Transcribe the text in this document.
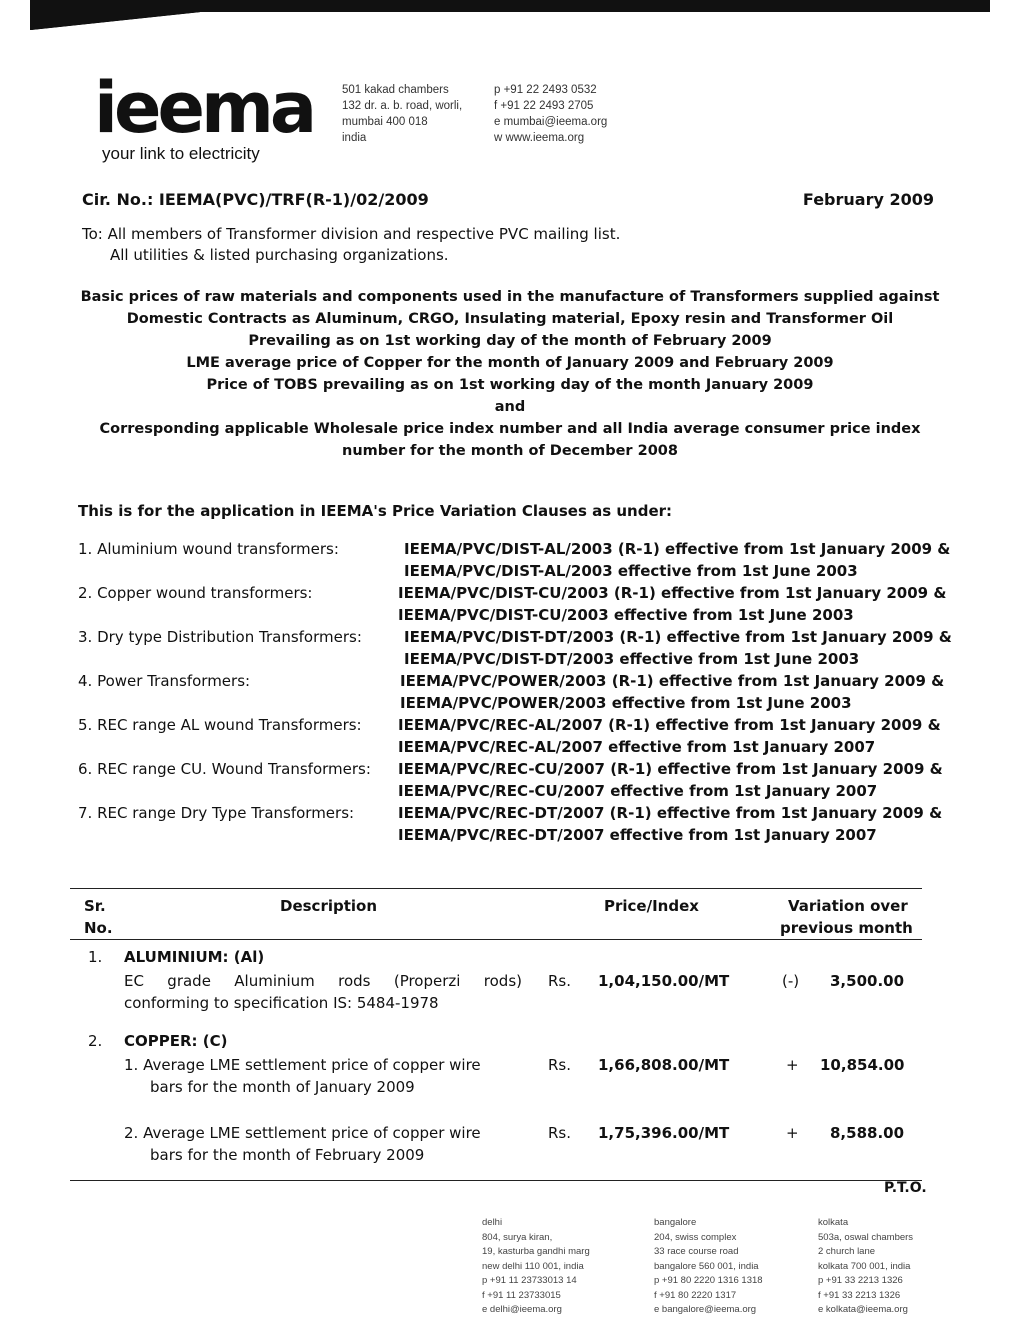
ieema
your link to electricity
501 kakad chambers
132 dr. a. b. road, worli,
mumbai 400 018
india
p +91 22 2493 0532
f +91 22 2493 2705
e mumbai@ieema.org
w www.ieema.org
Cir. No.: IEEMA(PVC)/TRF(R-1)/02/2009	February 2009
To: All members of Transformer division and respective PVC mailing list.
All utilities & listed purchasing organizations.
Basic prices of raw materials and components used in the manufacture of Transformers supplied against
Domestic Contracts as Aluminum, CRGO, Insulating material, Epoxy resin and Transformer Oil
Prevailing as on 1st working day of the month of February 2009
LME average price of Copper for the month of January 2009 and February 2009
Price of TOBS prevailing as on 1st working day of the month January 2009
and
Corresponding applicable Wholesale price index number and all India average consumer price index
number for the month of December 2008
This is for the application in IEEMA's Price Variation Clauses as under:
1. Aluminium wound transformers:	IEEMA/PVC/DIST-AL/2003 (R-1) effective from 1st January 2009 &
IEEMA/PVC/DIST-AL/2003 effective from 1st June 2003
2. Copper wound transformers:	IEEMA/PVC/DIST-CU/2003 (R-1) effective from 1st January 2009 &
IEEMA/PVC/DIST-CU/2003 effective from 1st June 2003
3. Dry type Distribution Transformers:	IEEMA/PVC/DIST-DT/2003 (R-1) effective from 1st January 2009 &
IEEMA/PVC/DIST-DT/2003 effective from 1st June 2003
4. Power Transformers:	IEEMA/PVC/POWER/2003 (R-1) effective from 1st January 2009 &
IEEMA/PVC/POWER/2003 effective from 1st June 2003
5. REC range AL wound Transformers: IEEMA/PVC/REC-AL/2007 (R-1) effective from 1st January 2009 &
IEEMA/PVC/REC-AL/2007 effective from 1st January 2007
6. REC range CU. Wound Transformers: IEEMA/PVC/REC-CU/2007 (R-1) effective from 1st January 2009 &
IEEMA/PVC/REC-CU/2007 effective from 1st January 2007
7. REC range Dry Type Transformers:	IEEMA/PVC/REC-DT/2007 (R-1) effective from 1st January 2009 &
IEEMA/PVC/REC-DT/2007 effective from 1st January 2007
Sr.
No.
Description	Price/Index	Variation over
previous month
1. ALUMINIUM: (Al)
EC grade Aluminium rods (Properzi rods)
conforming to specification IS: 5484-1978
Rs. 1,04,150.00/MT	(-) 3,500.00
2. COPPER: (C)
1. Average LME settlement price of copper wire
bars for the month of January 2009
Rs. 1,66,808.00/MT	+ 10,854.00
2. Average LME settlement price of copper wire
bars for the month of February 2009
Rs. 1,75,396.00/MT	+ 8,588.00
P.T.O.
delhi
804, surya kiran,
19, kasturba gandhi marg
new delhi 110 001, india
p +91 11 23733013 14
f +91 11 23733015
e delhi@ieema.org
bangalore
204, swiss complex
33 race course road
bangalore 560 001, india
p +91 80 2220 1316 1318
f +91 80 2220 1317
e bangalore@ieema.org
kolkata
503a, oswal chambers
2 church lane
kolkata 700 001, india
p +91 33 2213 1326
f +91 33 2213 1326
e kolkata@ieema.org
